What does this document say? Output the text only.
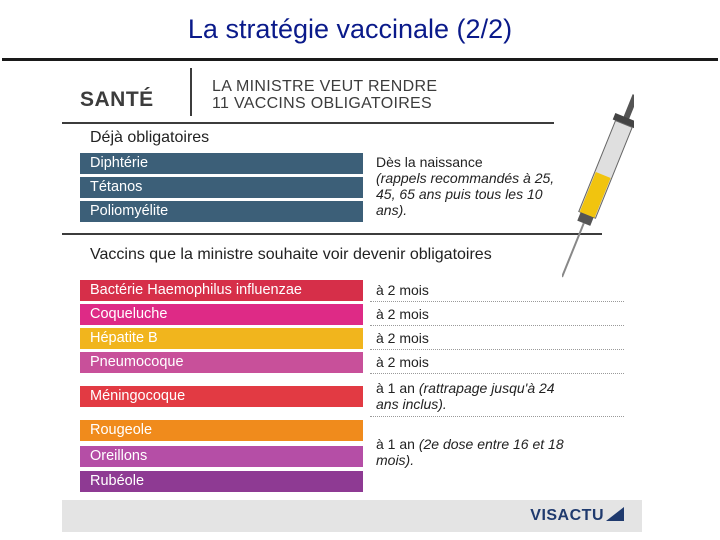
La stratégie vaccinale (2/2)
SANTÉ
LA MINISTRE VEUT RENDRE
11 VACCINS OBLIGATOIRES
Déjà obligatoires
Diphtérie
Tétanos
Poliomyélite
Dès la naissance
(rappels recommandés à 25, 45, 65 ans puis tous les 10 ans).
Vaccins que la ministre souhaite voir devenir obligatoires
Bactérie Haemophilus influenzae
Coqueluche
Hépatite B
Pneumocoque
Méningocoque
Rougeole
Oreillons
Rubéole
à 2 mois
à 2 mois
à 2 mois
à 2 mois
à 1 an (rattrapage jusqu'à 24 ans inclus).
à 1 an (2e dose entre 16 et 18 mois).
VISACTU
